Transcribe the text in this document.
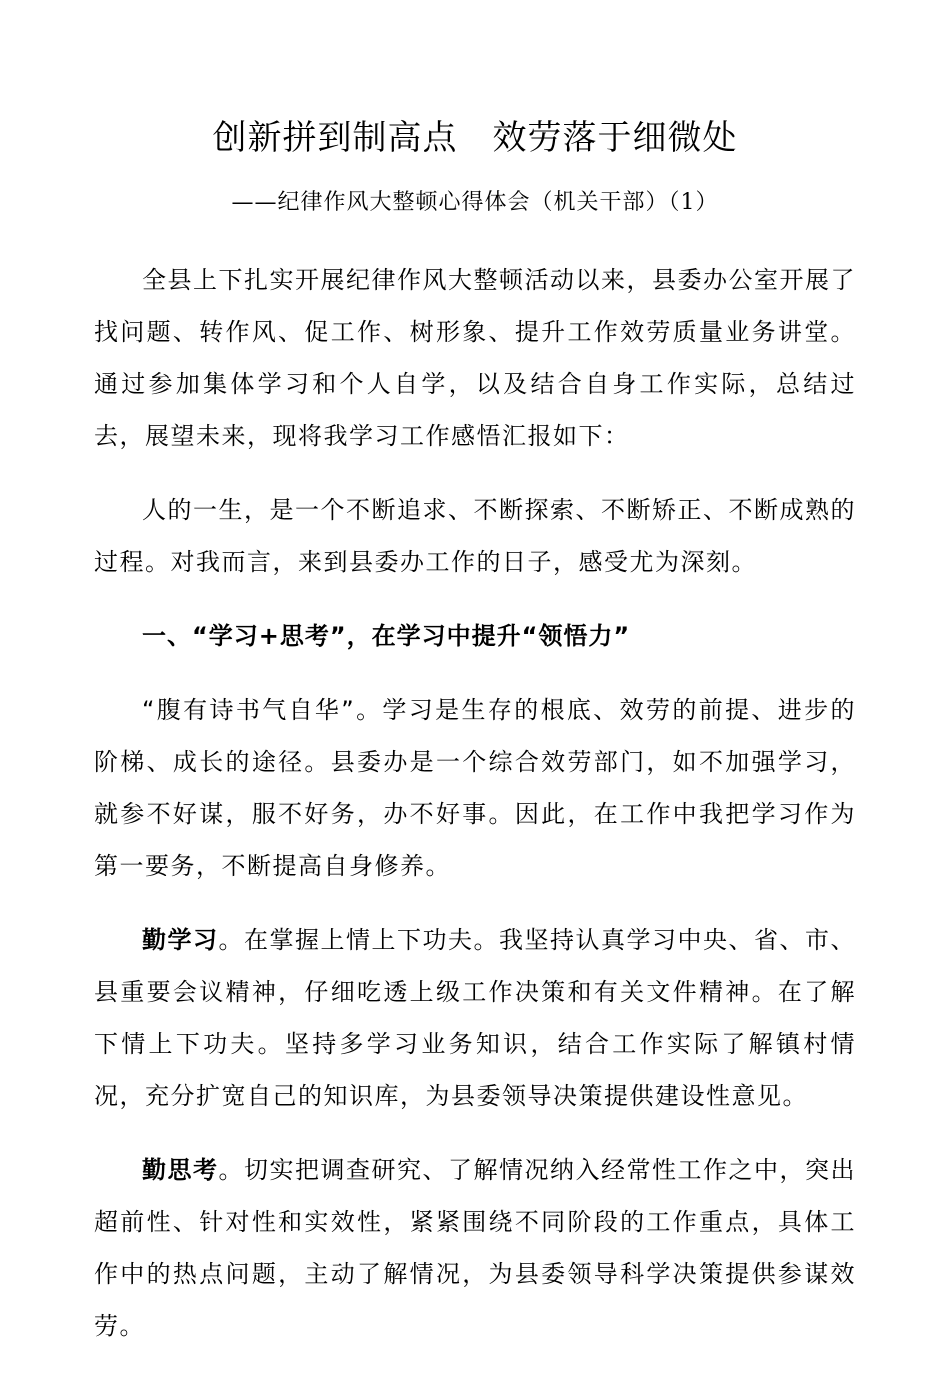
创新拼到制高点　效劳落于细微处
——纪律作风大整顿心得体会（机关干部）（1）

全县上下扎实开展纪律作风大整顿活动以来，县委办公室开展了找问题、转作风、促工作、树形象、提升工作效劳质量业务讲堂。通过参加集体学习和个人自学，以及结合自身工作实际，总结过去，展望未来，现将我学习工作感悟汇报如下：

人的一生，是一个不断追求、不断探索、不断矫正、不断成熟的过程。对我而言，来到县委办工作的日子，感受尤为深刻。

一、“学习+思考”，在学习中提升“领悟力”

“腹有诗书气自华”。学习是生存的根底、效劳的前提、进步的阶梯、成长的途径。县委办是一个综合效劳部门，如不加强学习，就参不好谋，服不好务，办不好事。因此，在工作中我把学习作为第一要务，不断提高自身修养。

勤学习。在掌握上情上下功夫。我坚持认真学习中央、省、市、县重要会议精神，仔细吃透上级工作决策和有关文件精神。在了解下情上下功夫。坚持多学习业务知识，结合工作实际了解镇村情况，充分扩宽自己的知识库，为县委领导决策提供建设性意见。

勤思考。切实把调查研究、了解情况纳入经常性工作之中，突出超前性、针对性和实效性，紧紧围绕不同阶段的工作重点，具体工作中的热点问题，主动了解情况，为县委领导科学决策提供参谋效劳。
